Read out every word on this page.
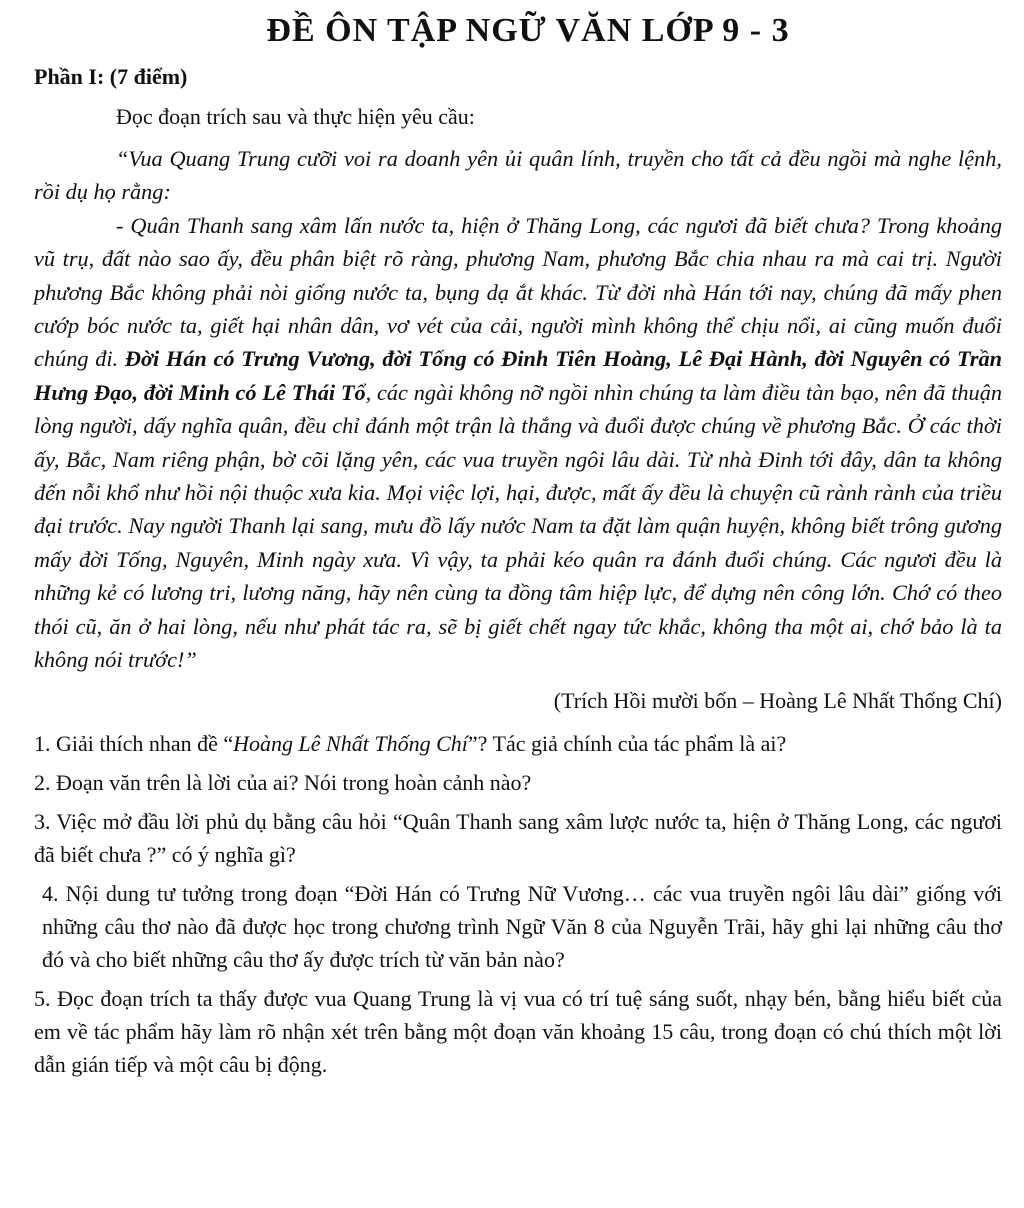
ĐỀ ÔN TẬP NGỮ VĂN LỚP 9 - 3
Phần I: (7 điểm)
Đọc đoạn trích sau và thực hiện yêu cầu:

“Vua Quang Trung cưỡi voi ra doanh yên ủi quân lính, truyền cho tất cả đều ngồi mà nghe lệnh, rồi dụ họ rằng:

- Quân Thanh sang xâm lấn nước ta, hiện ở Thăng Long, các ngươi đã biết chưa? Trong khoảng vũ trụ, đất nào sao ấy, đều phân biệt rõ ràng, phương Nam, phương Bắc chia nhau ra mà cai trị. Người phương Bắc không phải nòi giống nước ta, bụng dạ ắt khác. Từ đời nhà Hán tới nay, chúng đã mấy phen cướp bóc nước ta, giết hại nhân dân, vơ vét của cải, người mình không thể chịu nổi, ai cũng muốn đuổi chúng đi. Đời Hán có Trưng Vương, đời Tống có Đinh Tiên Hoàng, Lê Đại Hành, đời Nguyên có Trần Hưng Đạo, đời Minh có Lê Thái Tổ, các ngài không nỡ ngồi nhìn chúng ta làm điều tàn bạo, nên đã thuận lòng người, dấy nghĩa quân, đều chỉ đánh một trận là thắng và đuổi được chúng về phương Bắc. Ở các thời ấy, Bắc, Nam riêng phận, bờ cõi lặng yên, các vua truyền ngôi lâu dài. Từ nhà Đinh tới đây, dân ta không đến nỗi khổ như hồi nội thuộc xưa kia. Mọi việc lợi, hại, được, mất ấy đều là chuyện cũ rành rành của triều đại trước. Nay người Thanh lại sang, mưu đồ lấy nước Nam ta đặt làm quận huyện, không biết trông gương mấy đời Tống, Nguyên, Minh ngày xưa. Vì vậy, ta phải kéo quân ra đánh đuổi chúng. Các ngươi đều là những kẻ có lương tri, lương năng, hãy nên cùng ta đồng tâm hiệp lực, để dựng nên công lớn. Chớ có theo thói cũ, ăn ở hai lòng, nếu như phát tác ra, sẽ bị giết chết ngay tức khắc, không tha một ai, chớ bảo là ta không nói trước!”

(Trích Hồi mười bốn – Hoàng Lê Nhất Thống Chí)
1. Giải thích nhan đề “Hoàng Lê Nhất Thống Chí”? Tác giả chính của tác phẩm là ai?
2. Đoạn văn trên là lời của ai? Nói trong hoàn cảnh nào?
3. Việc mở đầu lời phủ dụ bằng câu hỏi “Quân Thanh sang xâm lược nước ta, hiện ở Thăng Long, các ngươi đã biết chưa ?” có ý nghĩa gì?
4. Nội dung tư tưởng trong đoạn “Đời Hán có Trưng Nữ Vương… các vua truyền ngôi lâu dài” giống với những câu thơ nào đã được học trong chương trình Ngữ Văn 8 của Nguyễn Trãi, hãy ghi lại những câu thơ đó và cho biết những câu thơ ấy được trích từ văn bản nào?
5. Đọc đoạn trích ta thấy được vua Quang Trung là vị vua có trí tuệ sáng suốt, nhạy bén, bằng hiểu biết của em về tác phẩm hãy làm rõ nhận xét trên bằng một đoạn văn khoảng 15 câu, trong đoạn có chú thích một lời dẫn gián tiếp và một câu bị động.
